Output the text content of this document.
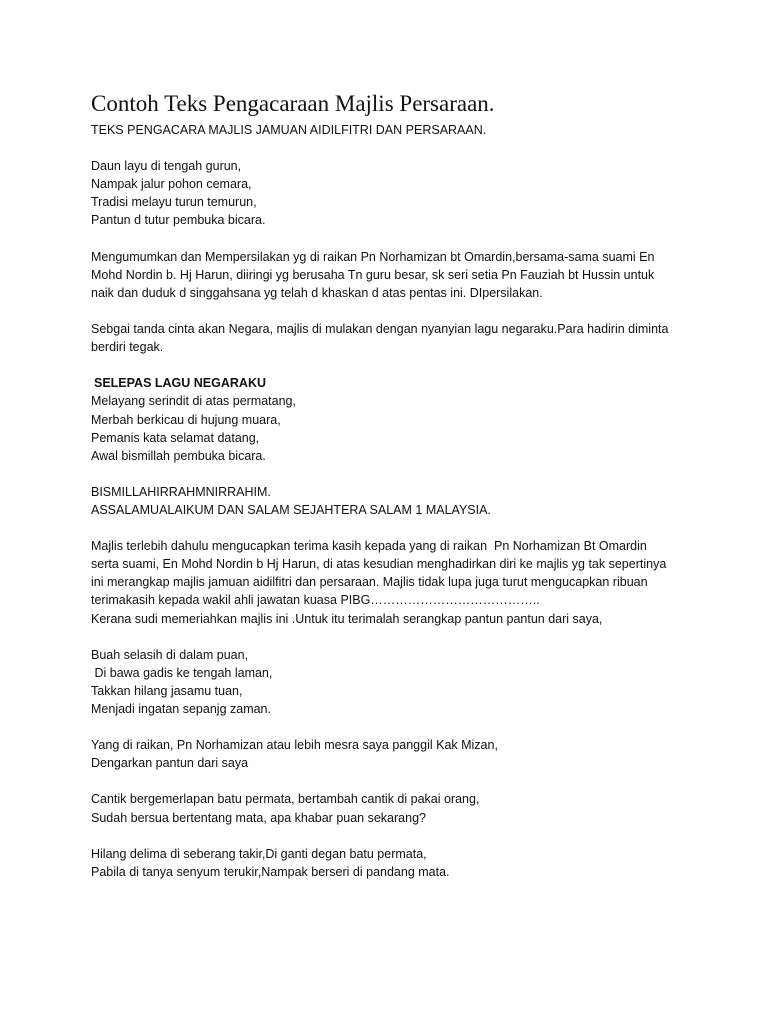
Contoh Teks Pengacaraan Majlis Persaraan.
TEKS PENGACARA MAJLIS JAMUAN AIDILFITRI DAN PERSARAAN.
Daun layu di tengah gurun,
Nampak jalur pohon cemara,
Tradisi melayu turun temurun,
Pantun d tutur pembuka bicara.
Mengumumkan dan Mempersilakan yg di raikan Pn Norhamizan bt Omardin,bersama-sama suami En
Mohd Nordin b. Hj Harun, diiringi yg berusaha Tn guru besar, sk seri setia Pn Fauziah bt Hussin untuk
naik dan duduk d singgahsana yg telah d khaskan d atas pentas ini. DIpersilakan.
Sebgai tanda cinta akan Negara, majlis di mulakan dengan nyanyian lagu negaraku.Para hadirin diminta
berdiri tegak.
SELEPAS LAGU NEGARAKU
Melayang serindit di atas permatang,
Merbah berkicau di hujung muara,
Pemanis kata selamat datang,
Awal bismillah pembuka bicara.
BISMILLAHIRRAHMNIRRAHIM.
ASSALAMUALAIKUM DAN SALAM SEJAHTERA SALAM 1 MALAYSIA.
Majlis terlebih dahulu mengucapkan terima kasih kepada yang di raikan  Pn Norhamizan Bt Omardin
serta suami, En Mohd Nordin b Hj Harun, di atas kesudian menghadirkan diri ke majlis yg tak sepertinya
ini merangkap majlis jamuan aidilfitri dan persaraan. Majlis tidak lupa juga turut mengucapkan ribuan
terimakasih kepada wakil ahli jawatan kuasa PIBG…………………………………..
Kerana sudi memeriahkan majlis ini .Untuk itu terimalah serangkap pantun pantun dari saya,
Buah selasih di dalam puan,
Di bawa gadis ke tengah laman,
Takkan hilang jasamu tuan,
Menjadi ingatan sepanjg zaman.
Yang di raikan, Pn Norhamizan atau lebih mesra saya panggil Kak Mizan,
Dengarkan pantun dari saya
Cantik bergemerlapan batu permata, bertambah cantik di pakai orang,
Sudah bersua bertentang mata, apa khabar puan sekarang?
Hilang delima di seberang takir,Di ganti degan batu permata,
Pabila di tanya senyum terukir,Nampak berseri di pandang mata.
